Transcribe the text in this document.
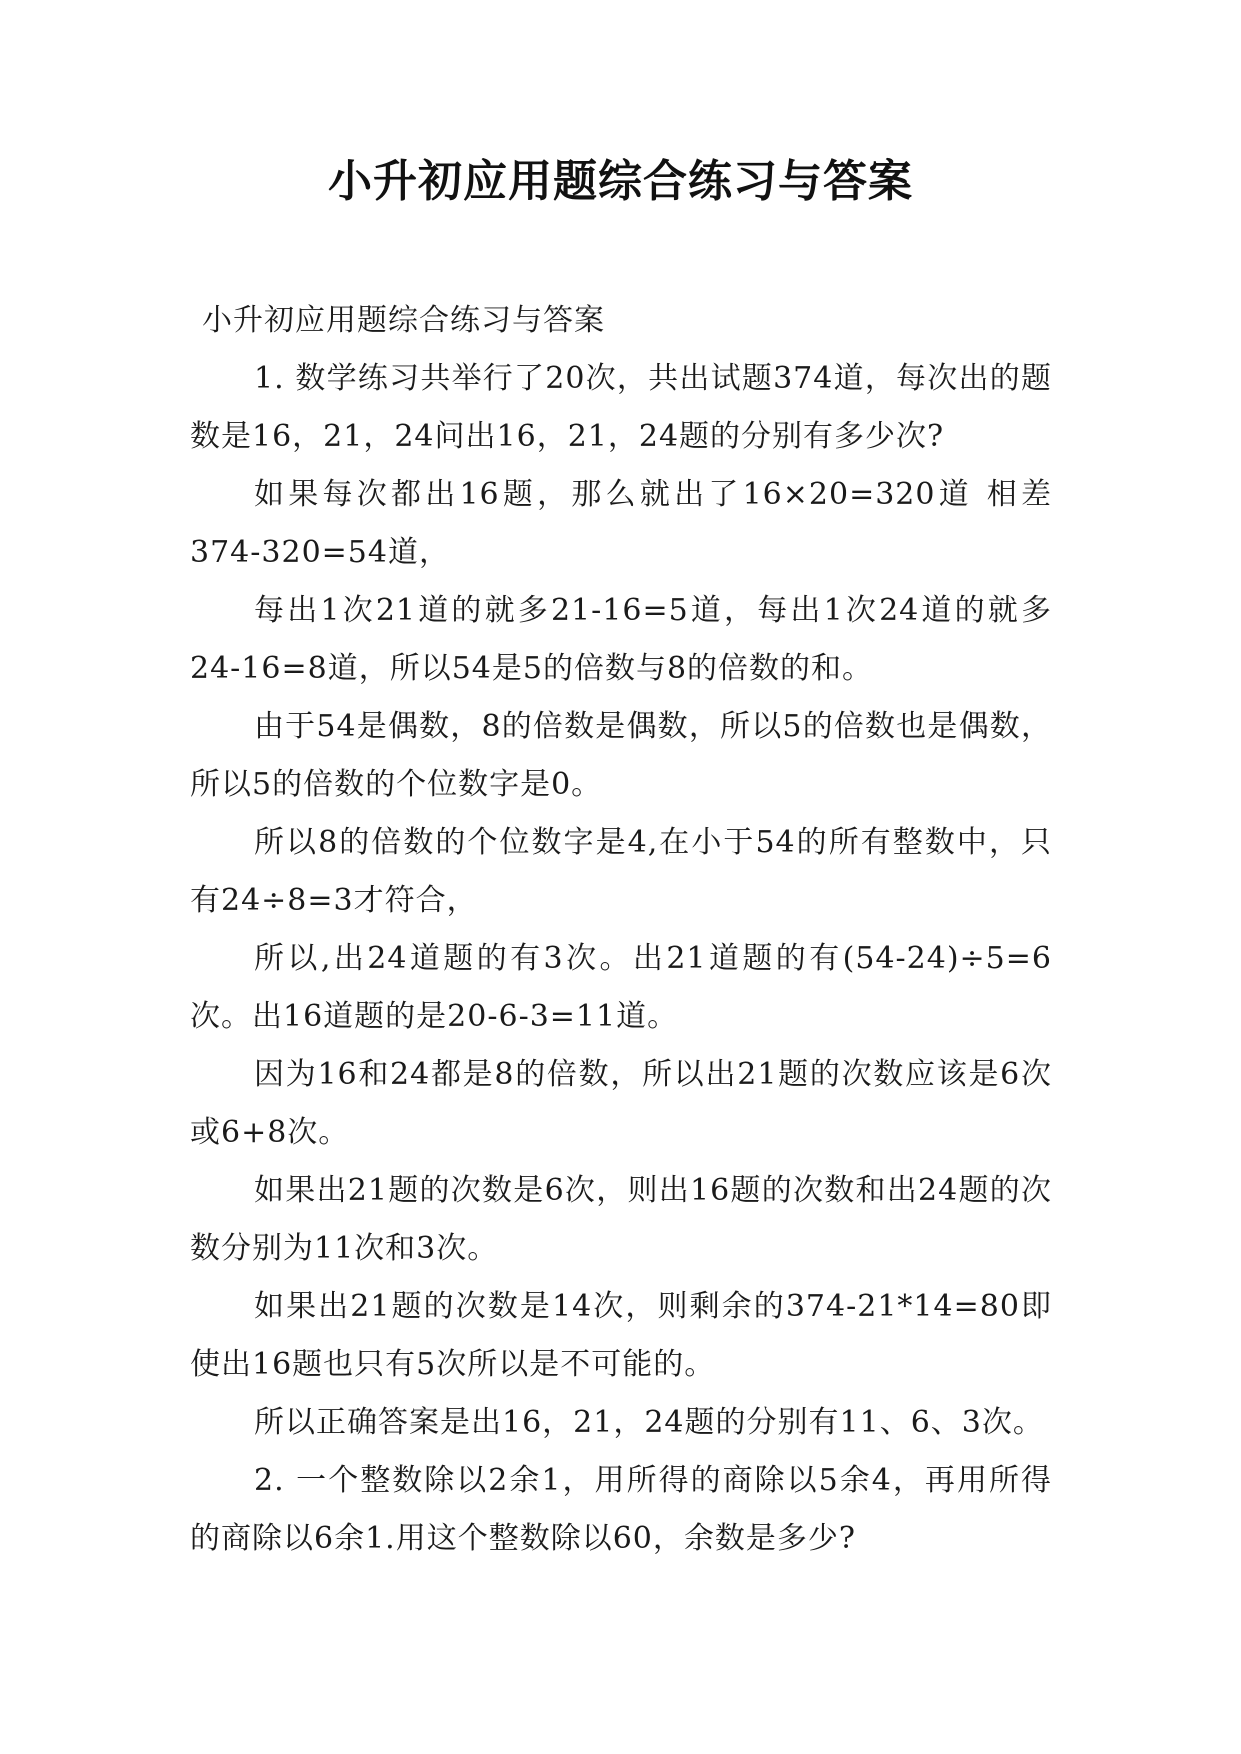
小升初应用题综合练习与答案

小升初应用题综合练习与答案

1. 数学练习共举行了20次，共出试题374道，每次出的题数是16，21，24问出16，21，24题的分别有多少次?

如果每次都出16题，那么就出了16×20=320道 相差374-320=54道，

每出1次21道的就多21-16=5道，每出1次24道的就多24-16=8道，所以54是5的倍数与8的倍数的和。

由于54是偶数，8的倍数是偶数，所以5的倍数也是偶数，所以5的倍数的个位数字是0。

所以8的倍数的个位数字是4,在小于54的所有整数中，只有24÷8=3才符合，

所以,出24道题的有3次。出21道题的有(54-24)÷5=6次。出16道题的是20-6-3=11道。

因为16和24都是8的倍数，所以出21题的次数应该是6次或6+8次。

如果出21题的次数是6次，则出16题的次数和出24题的次数分别为11次和3次。

如果出21题的次数是14次，则剩余的374-21*14=80即使出16题也只有5次所以是不可能的。

所以正确答案是出16，21，24题的分别有11、6、3次。

2. 一个整数除以2余1，用所得的商除以5余4，再用所得的商除以6余1.用这个整数除以60，余数是多少?
